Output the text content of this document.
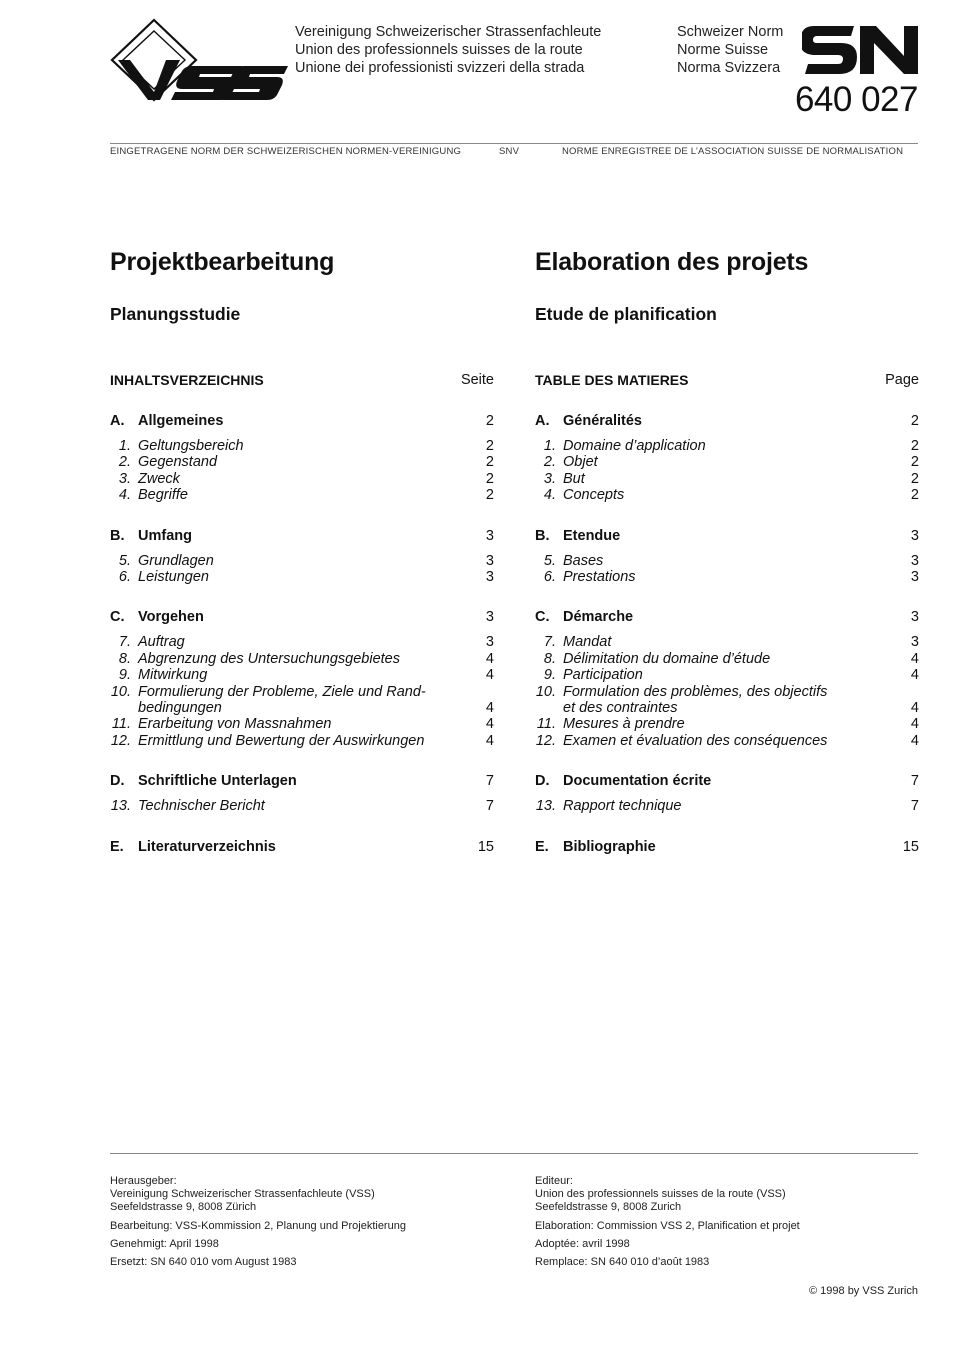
Vereinigung Schweizerischer Strassenfachleute
Union des professionnels suisses de la route
Unione dei professionisti svizzeri della strada
Schweizer Norm
Norme Suisse
Norma Svizzera
640 027
EINGETRAGENE NORM DER SCHWEIZERISCHEN NORMEN-VEREINIGUNG	SNV	NORME ENREGISTREE DE L’ASSOCIATION SUISSE DE NORMALISATION
Projektbearbeitung	Elaboration des projets
Planungsstudie	Etude de planification
INHALTSVERZEICHNIS	Seite
A. Allgemeines	2
1. Geltungsbereich	2
2. Gegenstand	2
3. Zweck	2
4. Begriffe	2
B. Umfang	3
5. Grundlagen	3
6. Leistungen	3
C. Vorgehen	3
7. Auftrag	3
8. Abgrenzung des Untersuchungsgebietes	4
9. Mitwirkung	4
10. Formulierung der Probleme, Ziele und Rand-
bedingungen	4
11. Erarbeitung von Massnahmen	4
12. Ermittlung und Bewertung der Auswirkungen	4
D. Schriftliche Unterlagen	7
13. Technischer Bericht	7
E. Literaturverzeichnis	15
TABLE DES MATIERES	Page
A. Généralités	2
1. Domaine d’application	2
2. Objet	2
3. But	2
4. Concepts	2
B. Etendue	3
5. Bases	3
6. Prestations	3
C. Démarche	3
7. Mandat	3
8. Délimitation du domaine d’étude	4
9. Participation	4
10. Formulation des problèmes, des objectifs
et des contraintes	4
11. Mesures à prendre	4
12. Examen et évaluation des conséquences	4
D. Documentation écrite	7
13. Rapport technique	7
E. Bibliographie	15
Herausgeber:
Vereinigung Schweizerischer Strassenfachleute (VSS)
Seefeldstrasse 9, 8008 Zürich
Bearbeitung: VSS-Kommission 2, Planung und Projektierung
Genehmigt: April 1998
Ersetzt: SN 640 010 vom August 1983
Editeur:
Union des professionnels suisses de la route (VSS)
Seefeldstrasse 9, 8008 Zurich
Elaboration: Commission VSS 2, Planification et projet
Adoptée: avril 1998
Remplace: SN 640 010 d’août 1983
© 1998 by VSS Zurich
